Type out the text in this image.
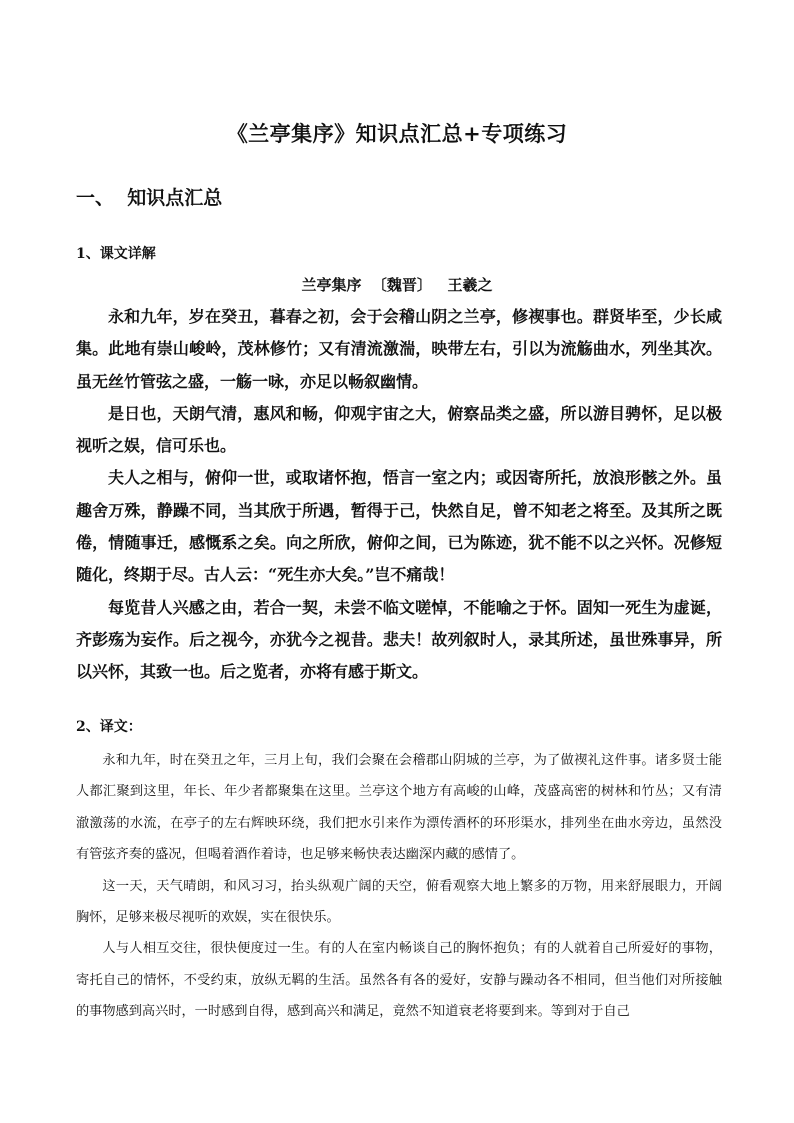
《兰亭集序》知识点汇总+专项练习
一、  知识点汇总
1、课文详解
兰亭集序  〔魏晋〕   王羲之

永和九年，岁在癸丑，暮春之初，会于会稽山阴之兰亭，修禊事也。群贤毕至，少长咸集。此地有崇山峻岭，茂林修竹；又有清流激湍，映带左右，引以为流觞曲水，列坐其次。虽无丝竹管弦之盛，一觞一咏，亦足以畅叙幽情。

是日也，天朗气清，惠风和畅，仰观宇宙之大，俯察品类之盛，所以游目骋怀，足以极视听之娱，信可乐也。

夫人之相与，俯仰一世，或取诸怀抱，悟言一室之内；或因寄所托，放浪形骸之外。虽趣舍万殊，静躁不同，当其欣于所遇，暂得于己，快然自足，曾不知老之将至。及其所之既倦，情随事迁，感慨系之矣。向之所欣，俯仰之间，已为陈迹，犹不能不以之兴怀。况修短随化，终期于尽。古人云：“死生亦大矣。”岂不痛哉！

每览昔人兴感之由，若合一契，未尝不临文嗟悼，不能喻之于怀。固知一死生为虚诞，齐彭殇为妄作。后之视今，亦犹今之视昔。悲夫！故列叙时人，录其所述，虽世殊事异，所以兴怀，其致一也。后之览者，亦将有感于斯文。

2、译文：

永和九年，时在癸丑之年，三月上旬，我们会聚在会稽郡山阴城的兰亭，为了做禊礼这件事。诸多贤士能人都汇聚到这里，年长、年少者都聚集在这里。兰亭这个地方有高峻的山峰，茂盛高密的树林和竹丛；又有清澈激荡的水流，在亭子的左右辉映环绕，我们把水引来作为漂传酒杯的环形渠水，排列坐在曲水旁边，虽然没有管弦齐奏的盛况，但喝着酒作着诗，也足够来畅快表达幽深内藏的感情了。

这一天，天气晴朗，和风习习，抬头纵观广阔的天空，俯看观察大地上繁多的万物，用来舒展眼力，开阔胸怀，足够来极尽视听的欢娱，实在很快乐。

人与人相互交往，很快便度过一生。有的人在室内畅谈自己的胸怀抱负；有的人就着自己所爱好的事物，寄托自己的情怀，不受约束，放纵无羁的生活。虽然各有各的爱好，安静与躁动各不相同，但当他们对所接触的事物感到高兴时，一时感到自得，感到高兴和满足，竟然不知道衰老将要到来。等到对于自己
